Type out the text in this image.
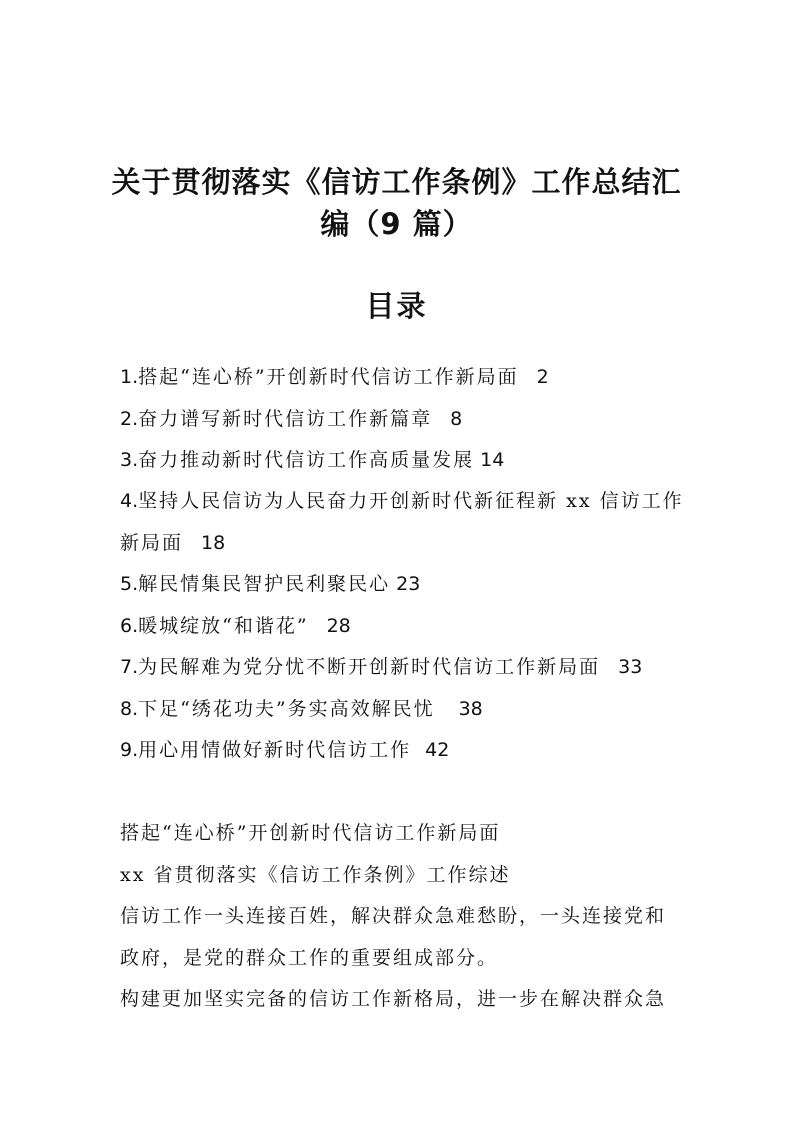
关于贯彻落实《信访工作条例》工作总结汇
编（9 篇）
目录
1.搭起“连心桥”开创新时代信访工作新局面 2
2.奋力谱写新时代信访工作新篇章 8
3.奋力推动新时代信访工作高质量发展 14
4.坚持人民信访为人民奋力开创新时代新征程新 xx 信访工作
新局面 18
5.解民情集民智护民利聚民心 23
6.暖城绽放“和谐花” 28
7.为民解难为党分忧不断开创新时代信访工作新局面 33
8.下足“绣花功夫”务实高效解民忧 38
9.用心用情做好新时代信访工作 42
搭起“连心桥”开创新时代信访工作新局面
xx 省贯彻落实《信访工作条例》工作综述
信访工作一头连接百姓，解决群众急难愁盼，一头连接党和
政府，是党的群众工作的重要组成部分。
构建更加坚实完备的信访工作新格局，进一步在解决群众急
